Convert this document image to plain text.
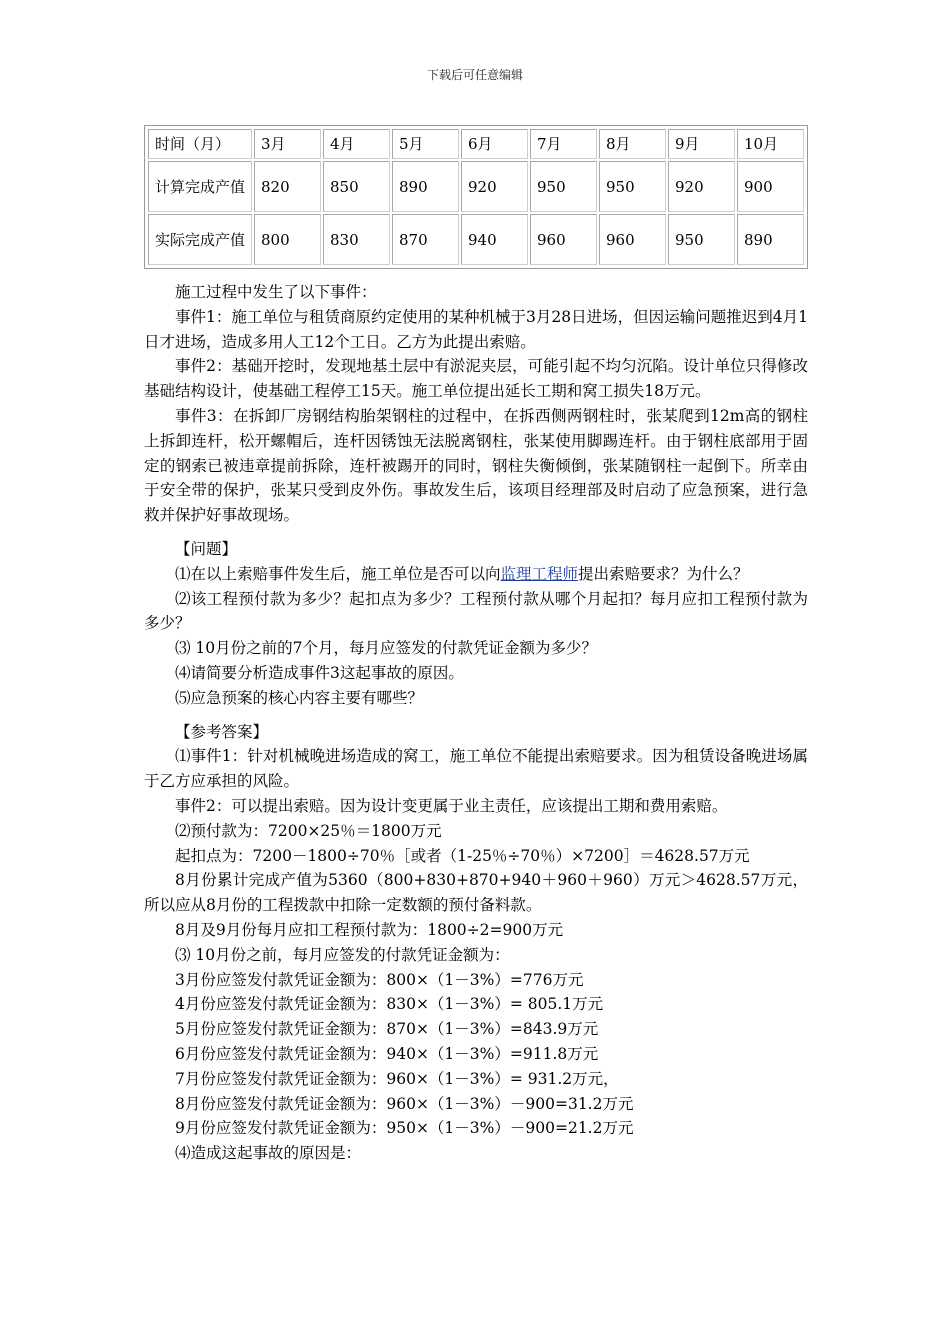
下载后可任意编辑
时间（月）	3月	4月	5月	6月	7月	8月	9月	10月
计算完成产值	820	850	890	920	950	950	920	900
实际完成产值	800	830	870	940	960	960	950	890

施工过程中发生了以下事件：

事件1：施工单位与租赁商原约定使用的某种机械于3月28日进场，但因运输问题推迟到4月1日才进场，造成多用人工12个工日。乙方为此提出索赔。

事件2：基础开挖时，发现地基土层中有淤泥夹层，可能引起不均匀沉陷。设计单位只得修改基础结构设计，使基础工程停工15天。施工单位提出延长工期和窝工损失18万元。

事件3：在拆卸厂房钢结构胎架钢柱的过程中，在拆西侧两钢柱时，张某爬到12m高的钢柱上拆卸连杆，松开螺帽后，连杆因锈蚀无法脱离钢柱，张某使用脚踢连杆。由于钢柱底部用于固定的钢索已被违章提前拆除，连杆被踢开的同时，钢柱失衡倾倒，张某随钢柱一起倒下。所幸由于安全带的保护，张某只受到皮外伤。事故发生后，该项目经理部及时启动了应急预案，进行急救并保护好事故现场。

【问题】

⑴在以上索赔事件发生后，施工单位是否可以向监理工程师提出索赔要求？为什么？

⑵该工程预付款为多少？起扣点为多少？工程预付款从哪个月起扣？每月应扣工程预付款为多少？

⑶ 10月份之前的7个月，每月应签发的付款凭证金额为多少？

⑷请简要分析造成事件3这起事故的原因。

⑸应急预案的核心内容主要有哪些？

【参考答案】

⑴事件1：针对机械晚进场造成的窝工，施工单位不能提出索赔要求。因为租赁设备晚进场属于乙方应承担的风险。

事件2：可以提出索赔。因为设计变更属于业主责任，应该提出工期和费用索赔。

⑵预付款为：7200×25％＝1800万元

起扣点为：7200－1800÷70％［或者（1-25％÷70％）×7200］＝4628.57万元

8月份累计完成产值为5360（800+830+870+940＋960＋960）万元＞4628.57万元，所以应从8月份的工程拨款中扣除一定数额的预付备料款。

8月及9月份每月应扣工程预付款为：1800÷2=900万元

⑶ 10月份之前，每月应签发的付款凭证金额为：

3月份应签发付款凭证金额为：800×（1－3%）=776万元

4月份应签发付款凭证金额为：830×（1－3%）= 805.1万元

5月份应签发付款凭证金额为：870×（1－3%）=843.9万元

6月份应签发付款凭证金额为：940×（1－3%）=911.8万元

7月份应签发付款凭证金额为：960×（1－3%）= 931.2万元，

8月份应签发付款凭证金额为：960×（1－3%）－900=31.2万元

9月份应签发付款凭证金额为：950×（1－3%）－900=21.2万元

⑷造成这起事故的原因是：
